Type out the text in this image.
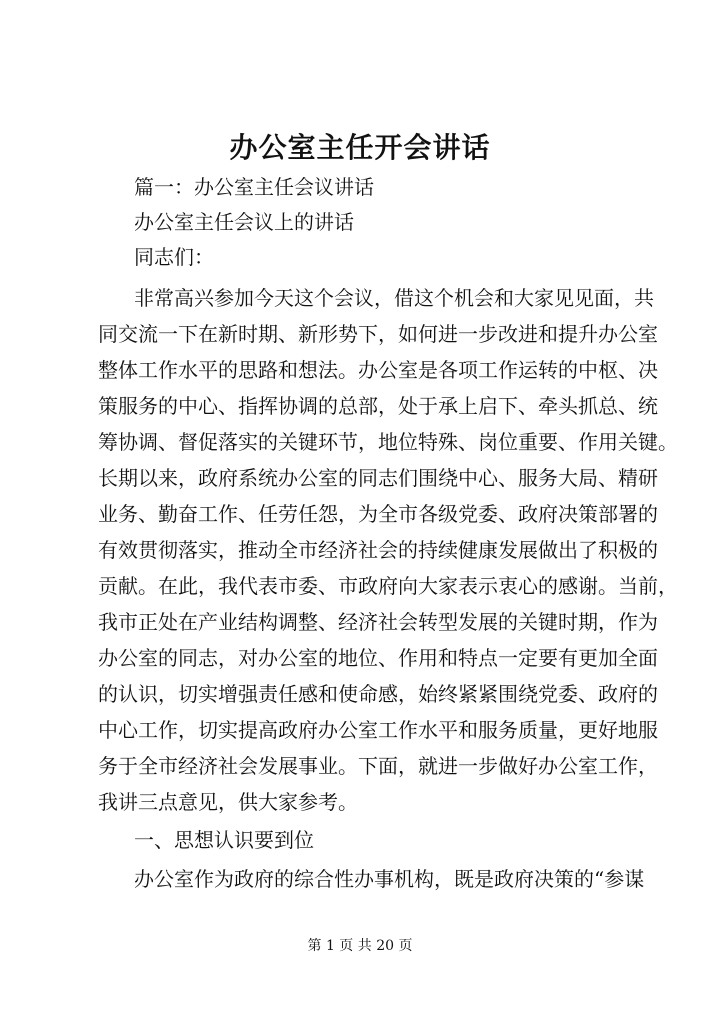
办公室主任开会讲话
篇一：办公室主任会议讲话
办公室主任会议上的讲话
同志们：
非常高兴参加今天这个会议，借这个机会和大家见见面，共
同交流一下在新时期、新形势下，如何进一步改进和提升办公室
整体工作水平的思路和想法。办公室是各项工作运转的中枢、决
策服务的中心、指挥协调的总部，处于承上启下、牵头抓总、统
筹协调、督促落实的关键环节，地位特殊、岗位重要、作用关键。
长期以来，政府系统办公室的同志们围绕中心、服务大局、精研
业务、勤奋工作、任劳任怨，为全市各级党委、政府决策部署的
有效贯彻落实，推动全市经济社会的持续健康发展做出了积极的
贡献。在此，我代表市委、市政府向大家表示衷心的感谢。当前，
我市正处在产业结构调整、经济社会转型发展的关键时期，作为
办公室的同志，对办公室的地位、作用和特点一定要有更加全面
的认识，切实增强责任感和使命感，始终紧紧围绕党委、政府的
中心工作，切实提高政府办公室工作水平和服务质量，更好地服
务于全市经济社会发展事业。下面，就进一步做好办公室工作，
我讲三点意见，供大家参考。
一、思想认识要到位
办公室作为政府的综合性办事机构，既是政府决策的“参谋
第 1 页 共 20 页
